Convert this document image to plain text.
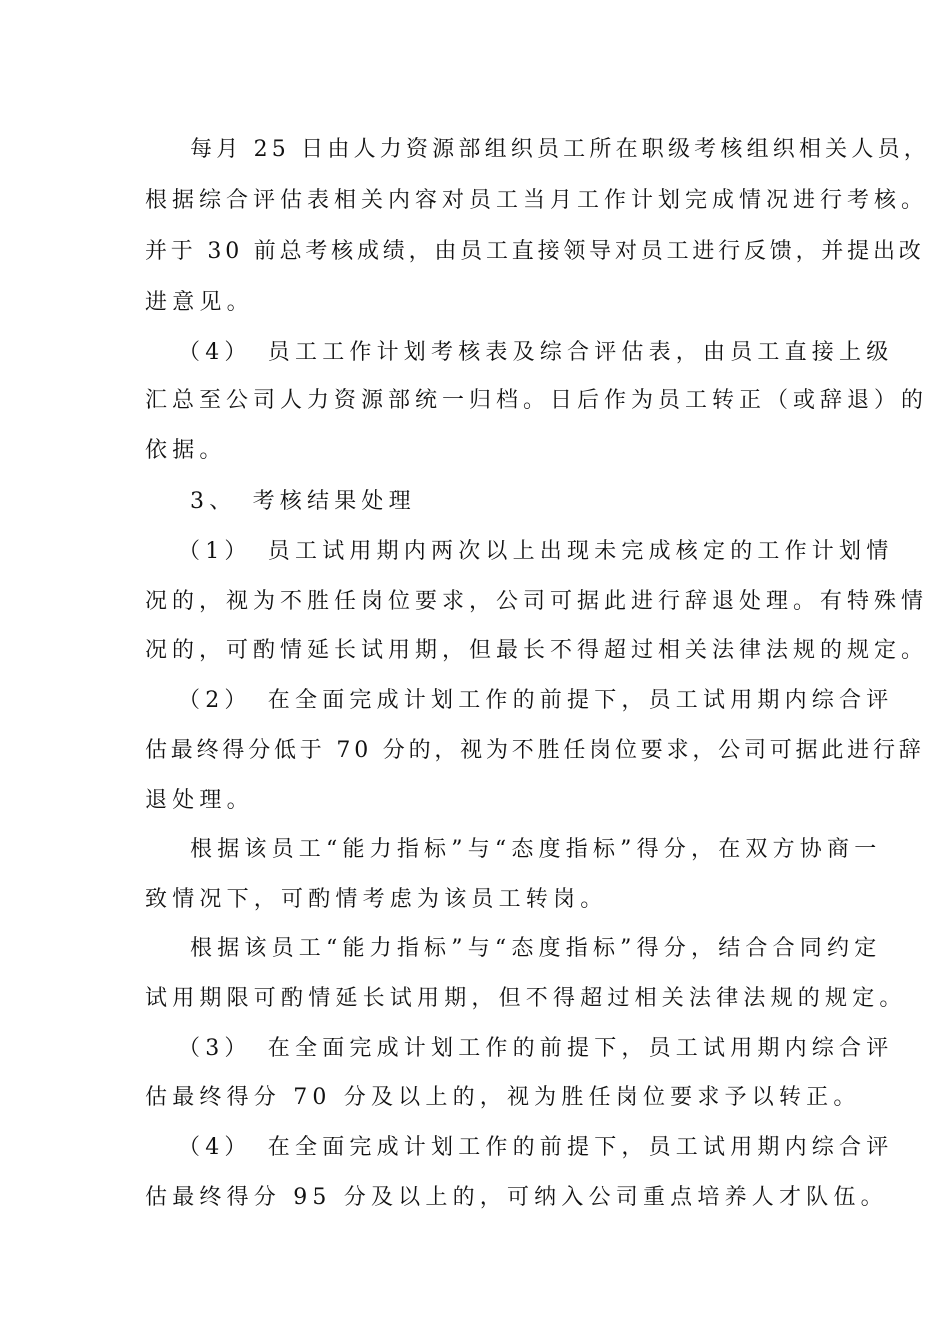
每月 25 日由人力资源部组织员工所在职级考核组织相关人员，
根据综合评估表相关内容对员工当月工作计划完成情况进行考核。
并于 30 前总考核成绩，由员工直接领导对员工进行反馈，并提出改
进意见。
（4）　员工工作计划考核表及综合评估表，由员工直接上级
汇总至公司人力资源部统一归档。日后作为员工转正（或辞退）的
依据。
3、　考核结果处理
（1）　员工试用期内两次以上出现未完成核定的工作计划情
况的，视为不胜任岗位要求，公司可据此进行辞退处理。有特殊情
况的，可酌情延长试用期，但最长不得超过相关法律法规的规定。
（2）　在全面完成计划工作的前提下，员工试用期内综合评
估最终得分低于 70 分的，视为不胜任岗位要求，公司可据此进行辞
退处理。
根据该员工“能力指标”与“态度指标”得分，在双方协商一
致情况下，可酌情考虑为该员工转岗。
根据该员工“能力指标”与“态度指标”得分，结合合同约定
试用期限可酌情延长试用期，但不得超过相关法律法规的规定。
（3）　在全面完成计划工作的前提下，员工试用期内综合评
估最终得分 70 分及以上的，视为胜任岗位要求予以转正。
（4）　在全面完成计划工作的前提下，员工试用期内综合评
估最终得分 95 分及以上的，可纳入公司重点培养人才队伍。
